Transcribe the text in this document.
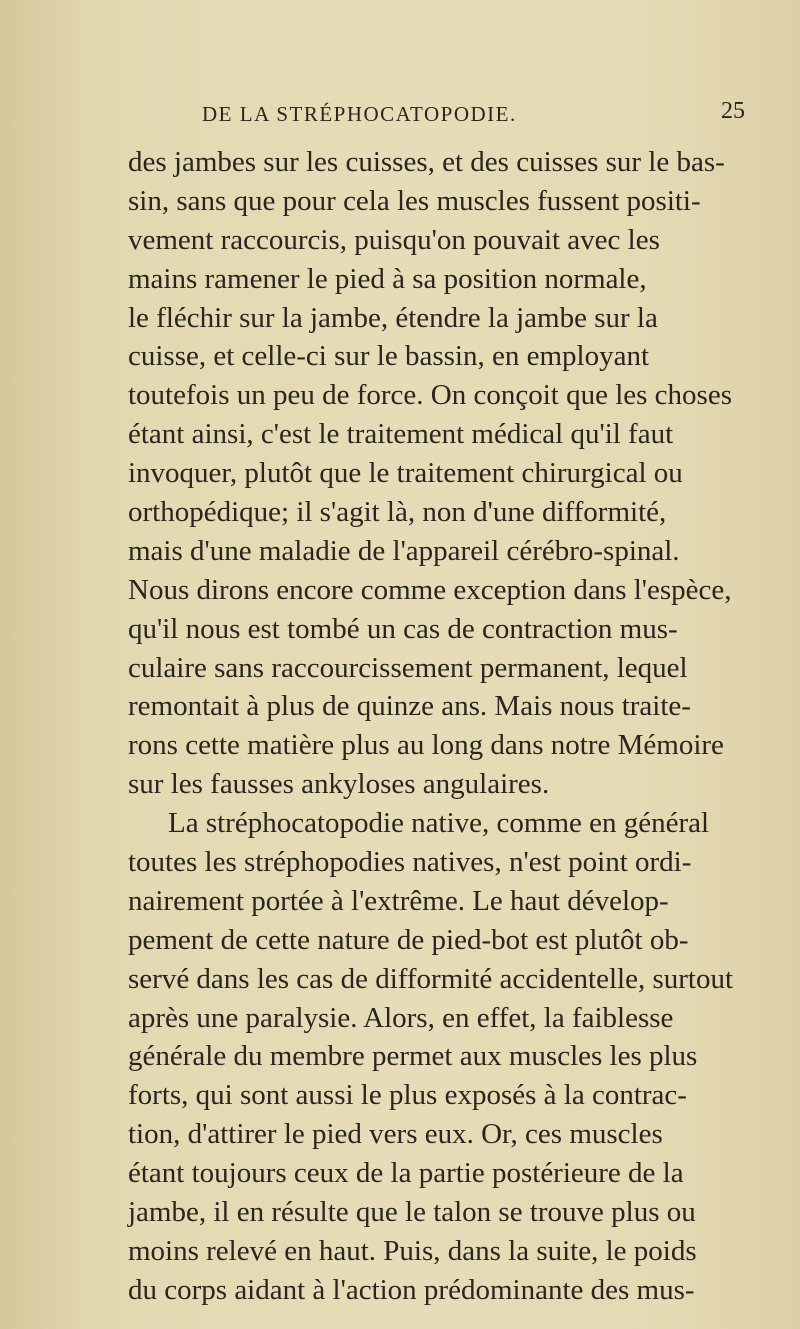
DE LA STRÉPHOCATOPODIE.	25
des jambes sur les cuisses, et des cuisses sur le bas-
sin, sans que pour cela les muscles fussent positi-
vement raccourcis, puisqu'on pouvait avec les
mains ramener le pied à sa position normale,
le fléchir sur la jambe, étendre la jambe sur la
cuisse, et celle-ci sur le bassin, en employant
toutefois un peu de force. On conçoit que les choses
étant ainsi, c'est le traitement médical qu'il faut
invoquer, plutôt que le traitement chirurgical ou
orthopédique; il s'agit là, non d'une difformité,
mais d'une maladie de l'appareil cérébro-spinal.
Nous dirons encore comme exception dans l'espèce,
qu'il nous est tombé un cas de contraction mus-
culaire sans raccourcissement permanent, lequel
remontait à plus de quinze ans. Mais nous traite-
rons cette matière plus au long dans notre Mémoire
sur les fausses ankyloses angulaires.
La stréphocatopodie native, comme en général
toutes les stréphopodies natives, n'est point ordi-
nairement portée à l'extrême. Le haut dévelop-
pement de cette nature de pied-bot est plutôt ob-
servé dans les cas de difformité accidentelle, surtout
après une paralysie. Alors, en effet, la faiblesse
générale du membre permet aux muscles les plus
forts, qui sont aussi le plus exposés à la contrac-
tion, d'attirer le pied vers eux. Or, ces muscles
étant toujours ceux de la partie postérieure de la
jambe, il en résulte que le talon se trouve plus ou
moins relevé en haut. Puis, dans la suite, le poids
du corps aidant à l'action prédominante des mus-
